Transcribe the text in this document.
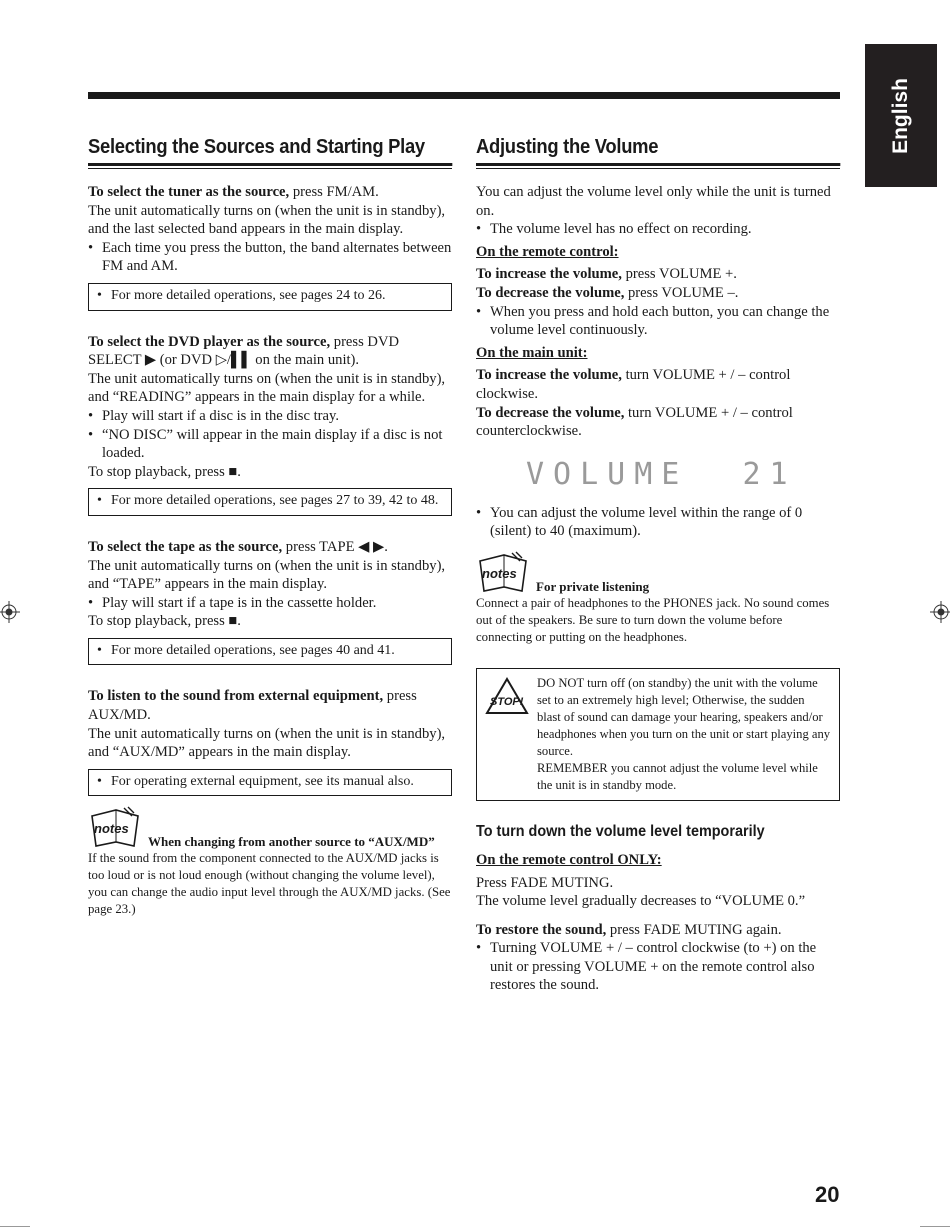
English
Selecting the Sources and Starting Play

To select the tuner as the source, press FM/AM.

The unit automatically turns on (when the unit is in standby), and the last selected band appears in the main display.

• Each time you press the button, the band alternates between FM and AM.
• For more detailed operations, see pages 24 to 26.

To select the DVD player as the source, press DVD SELECT ▶ (or DVD ▷/▌▌ on the main unit).

The unit automatically turns on (when the unit is in standby), and “READING” appears in the main display for a while.

• Play will start if a disc is in the disc tray.
• “NO DISC” will appear in the main display if a disc is not loaded.

To stop playback, press ■.

• For more detailed operations, see pages 27 to 39, 42 to 48.

To select the tape as the source, press TAPE ◀ ▶.

The unit automatically turns on (when the unit is in standby), and “TAPE” appears in the main display.

• Play will start if a tape is in the cassette holder.

To stop playback, press ■.

• For more detailed operations, see pages 40 and 41.

To listen to the sound from external equipment, press AUX/MD.

The unit automatically turns on (when the unit is in standby), and “AUX/MD” appears in the main display.

• For operating external equipment, see its manual also.
notes
When changing from another source to “AUX/MD”

If the sound from the component connected to the AUX/MD jacks is too loud or is not loud enough (without changing the volume level), you can change the audio input level through the AUX/MD jacks. (See page 23.)

Adjusting the Volume

You can adjust the volume level only while the unit is turned on.

• The volume level has no effect on recording.

On the remote control:

To increase the volume, press VOLUME +.

To decrease the volume, press VOLUME –.

• When you press and hold each button, you can change the volume level continuously.

On the main unit:

To increase the volume, turn VOLUME + / – control clockwise.

To decrease the volume, turn VOLUME + / – control counterclockwise.

VOLUME  21
• You can adjust the volume level within the range of 0 (silent) to 40 (maximum).
notes
For private listening

Connect a pair of headphones to the PHONES jack. No sound comes out of the speakers. Be sure to turn down the volume before connecting or putting on the headphones.

STOP!
DO NOT turn off (on standby) the unit with the volume set to an extremely high level; Otherwise, the sudden blast of sound can damage your hearing, speakers and/or headphones when you turn on the unit or start playing any source.
REMEMBER you cannot adjust the volume level while the unit is in standby mode.
To turn down the volume level temporarily

On the remote control ONLY:

Press FADE MUTING.

The volume level gradually decreases to “VOLUME 0.”

To restore the sound, press FADE MUTING again.

• Turning VOLUME + / – control clockwise (to +) on the unit or pressing VOLUME + on the remote control also restores the sound.
20
